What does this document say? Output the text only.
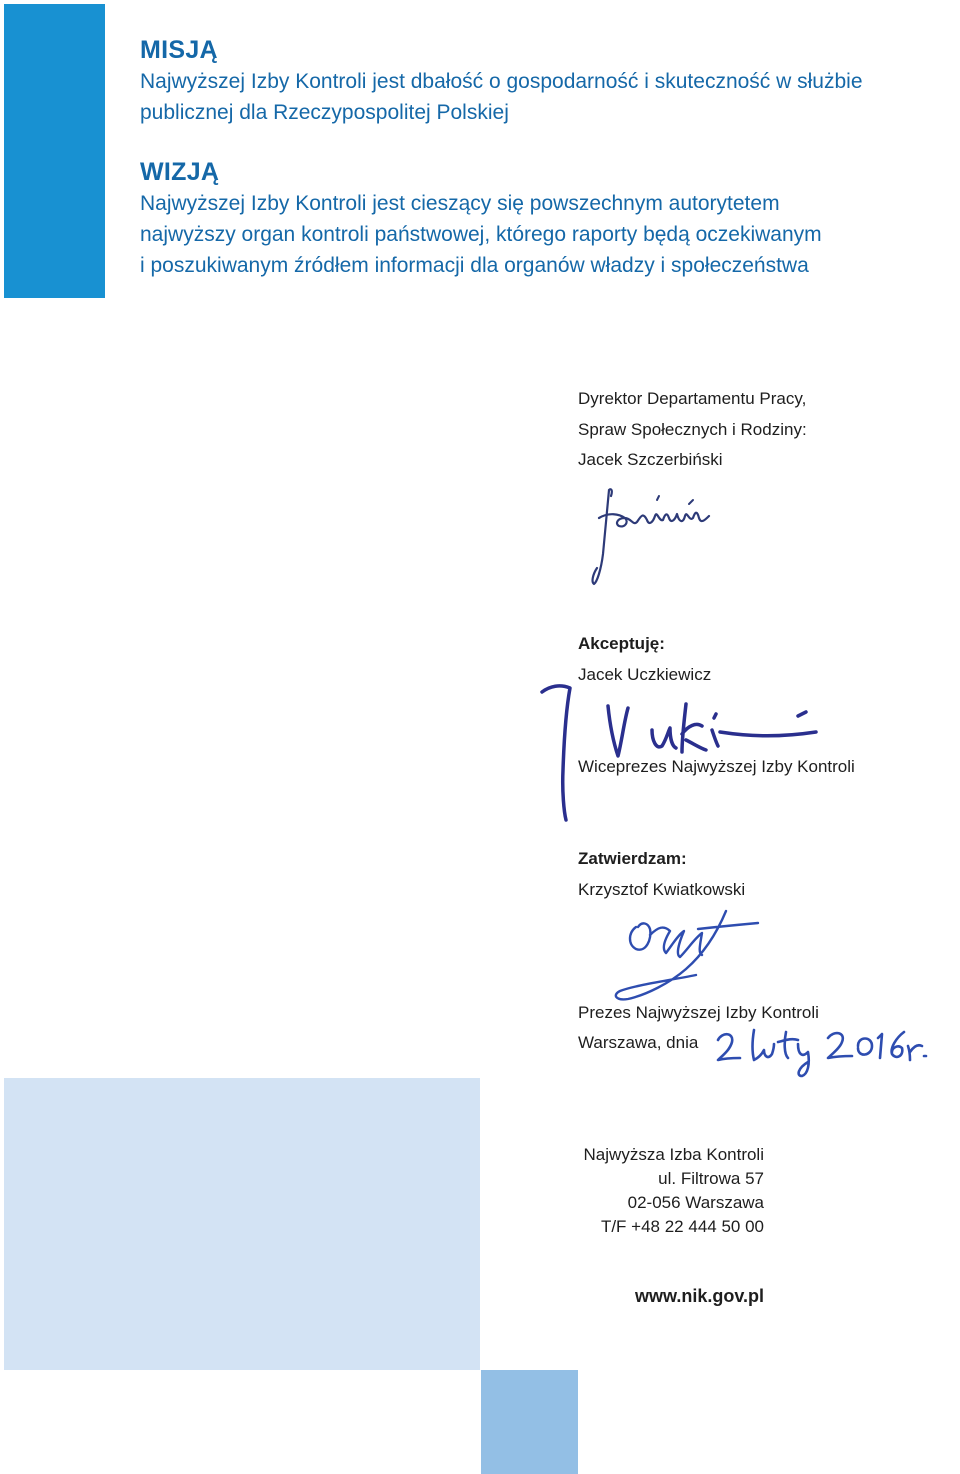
MISJĄ

Najwyższej Izby Kontroli jest dbałość o gospodarność i skuteczność w służbie

publicznej dla Rzeczypospolitej Polskiej

WIZJĄ

Najwyższej Izby Kontroli jest cieszący się powszechnym autorytetem

najwyższy organ kontroli państwowej, którego raporty będą oczekiwanym

i poszukiwanym źródłem informacji dla organów władzy i społeczeństwa

Dyrektor Departamentu Pracy,
Spraw Społecznych i Rodziny:
Jacek Szczerbiński
Akceptuję:
Jacek Uczkiewicz
Wiceprezes Najwyższej Izby Kontroli
Zatwierdzam:
Krzysztof Kwiatkowski
Prezes Najwyższej Izby Kontroli
Warszawa, dnia
Najwyższa Izba Kontroli
ul. Filtrowa 57
02-056 Warszawa
T/F +48 22 444 50 00
www.nik.gov.pl
